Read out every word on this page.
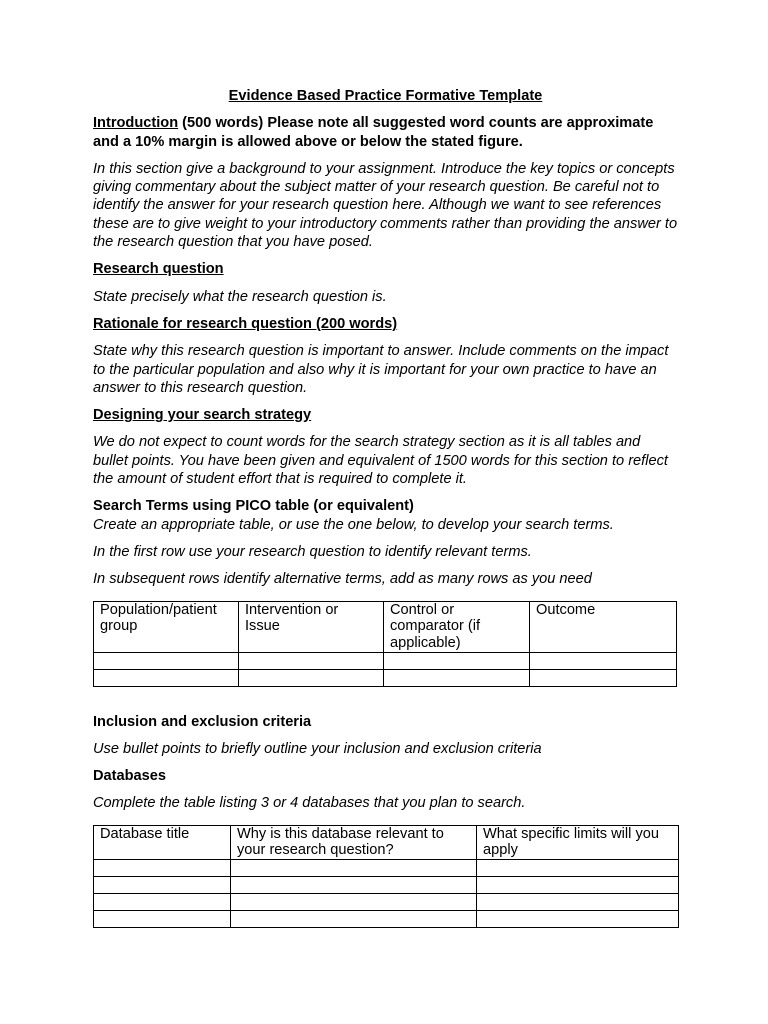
Evidence Based Practice Formative Template

Introduction (500 words) Please note all suggested word counts are approximate and a 10% margin is allowed above or below the stated figure.

In this section give a background to your assignment. Introduce the key topics or concepts giving commentary about the subject matter of your research question. Be careful not to identify the answer for your research question here. Although we want to see references these are to give weight to your introductory comments rather than providing the answer to the research question that you have posed.

Research question

State precisely what the research question is.

Rationale for research question (200 words)

State why this research question is important to answer. Include comments on the impact to the particular population and also why it is important for your own practice to have an answer to this research question.

Designing your search strategy

We do not expect to count words for the search strategy section as it is all tables and bullet points. You have been given and equivalent of 1500 words for this section to reflect the amount of student effort that is required to complete it.

Search Terms using PICO table (or equivalent)

Create an appropriate table, or use the one below, to develop your search terms.

In the first row use your research question to identify relevant terms.

In subsequent rows identify alternative terms, add as many rows as you need

Population/patient group	Intervention or Issue	Control or comparator (if applicable)	Outcome

Inclusion and exclusion criteria

Use bullet points to briefly outline your inclusion and exclusion criteria

Databases

Complete the table listing 3 or 4 databases that you plan to search.

Database title	Why is this database relevant to your research question?	What specific limits will you apply
